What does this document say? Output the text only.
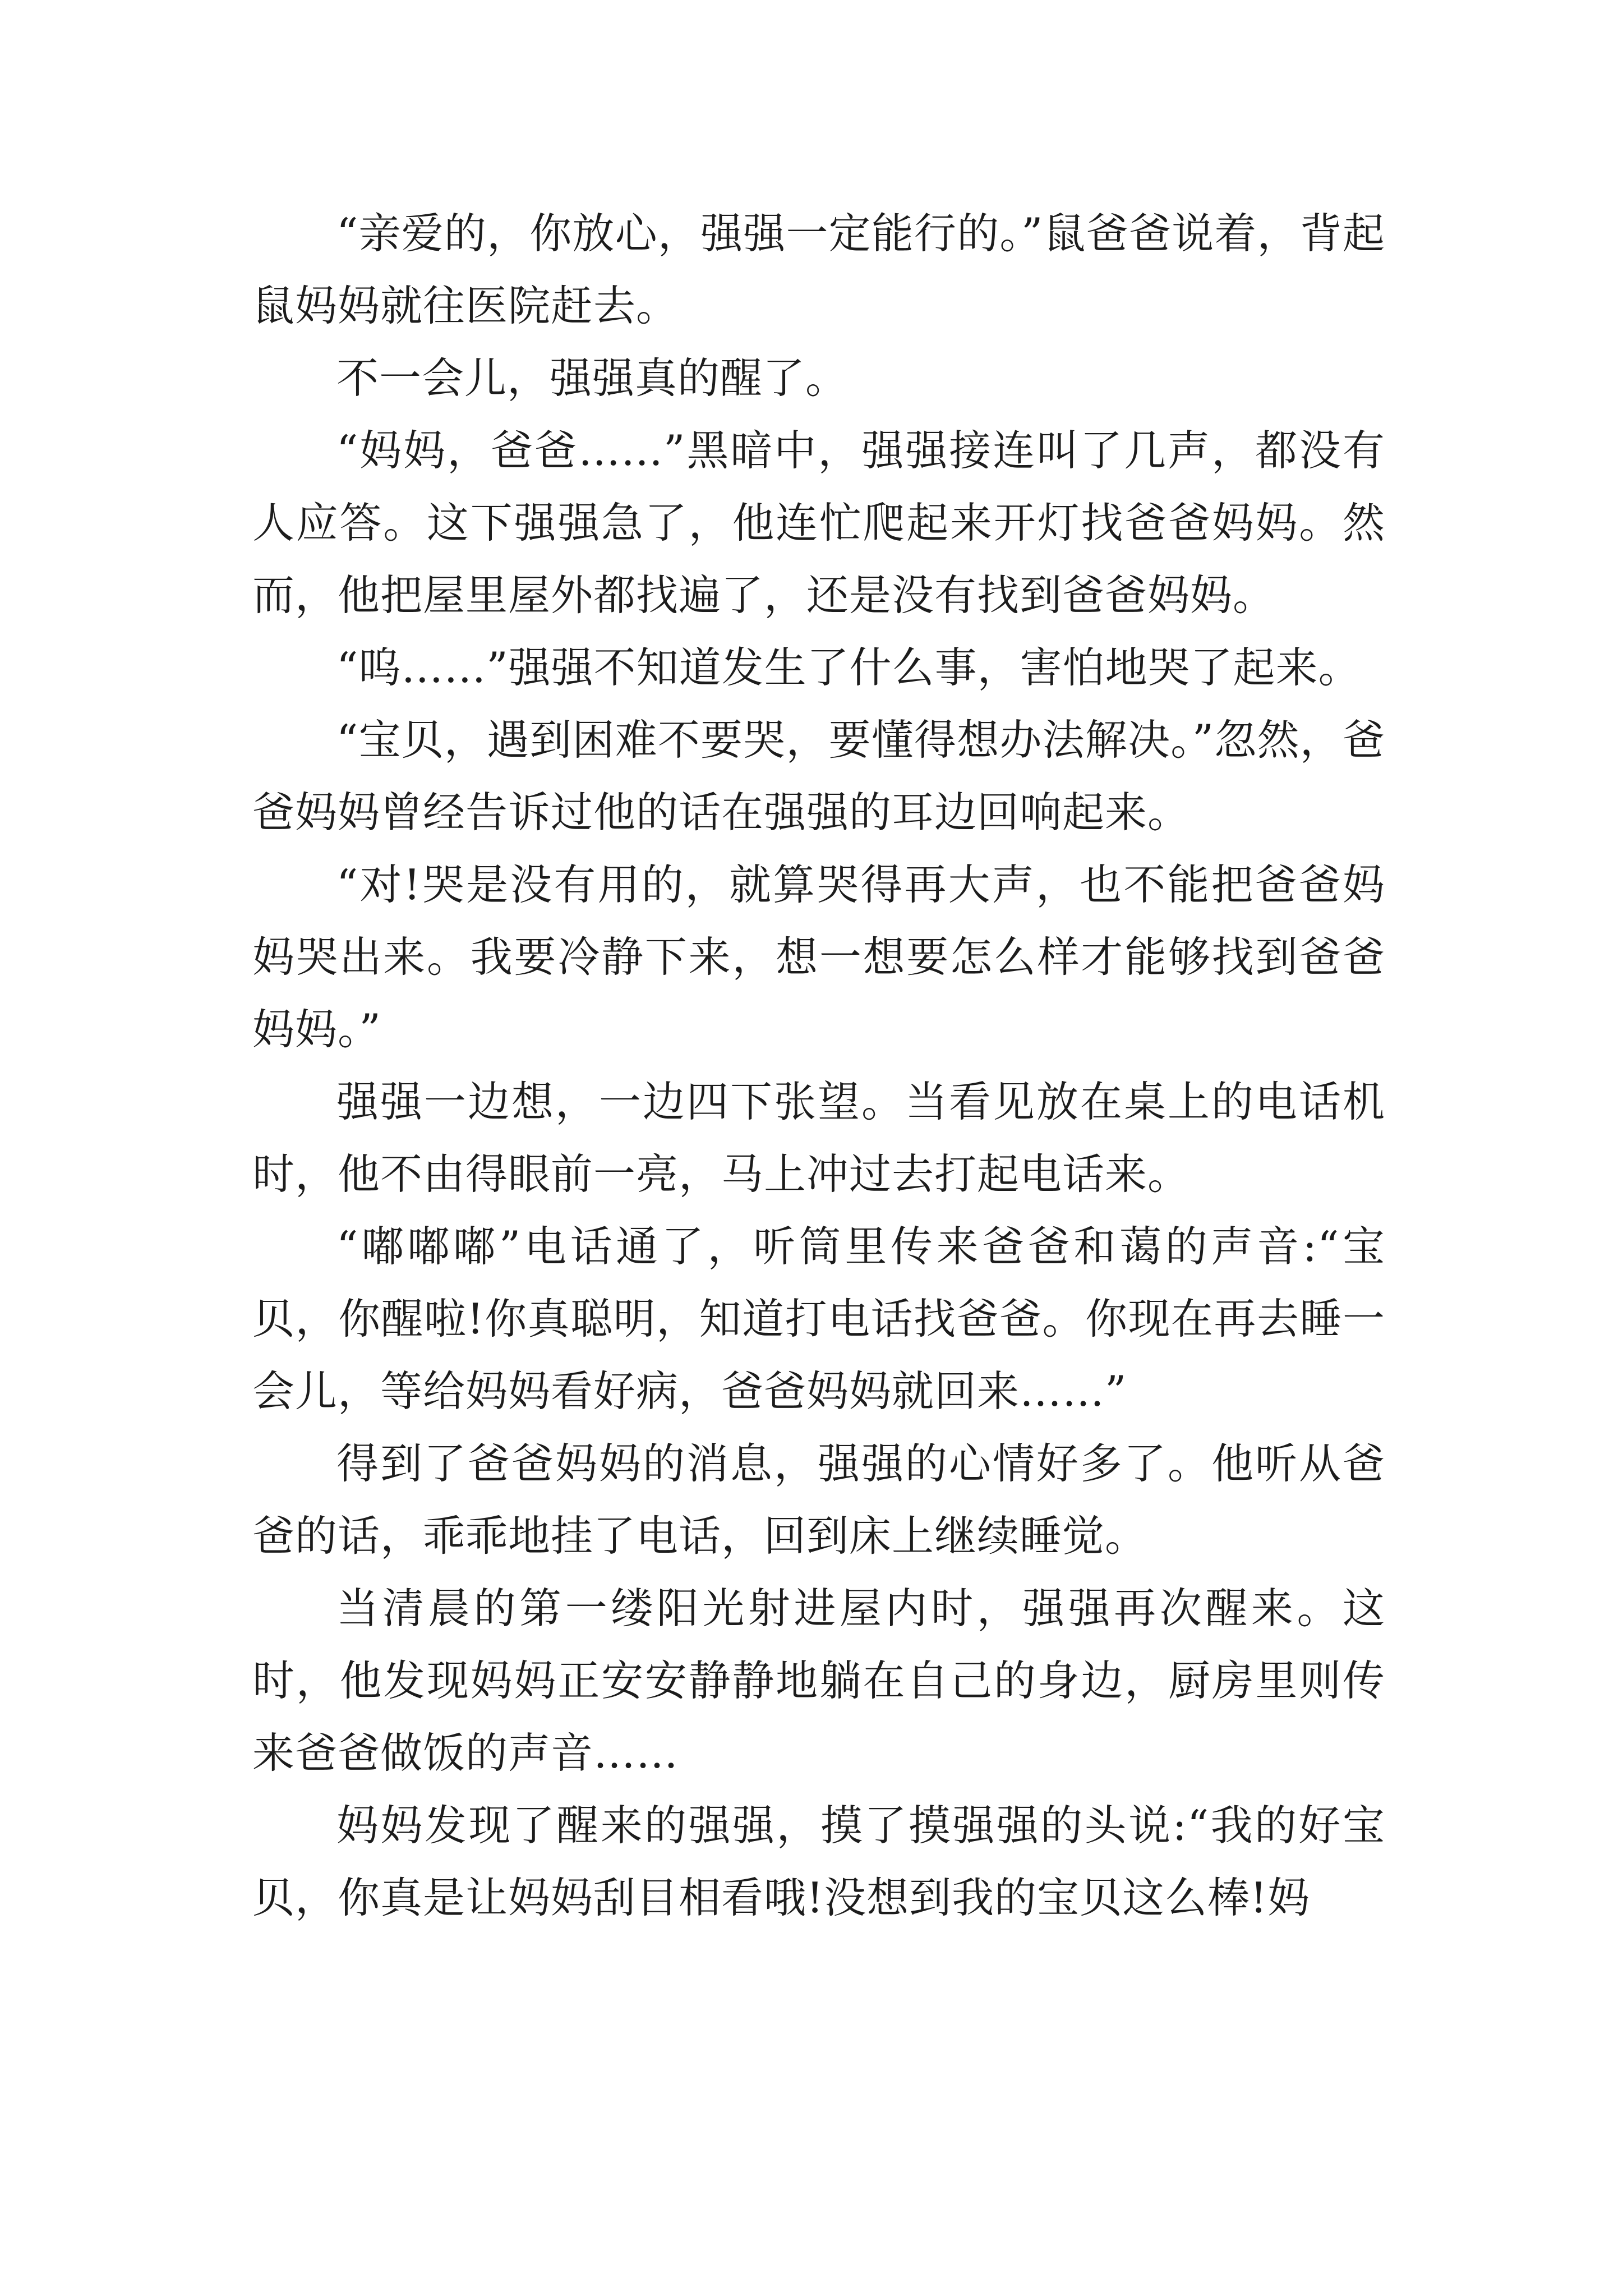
“亲爱的，你放心，强强一定能行的。”鼠爸爸说着，背起鼠妈妈就往医院赶去。

不一会儿，强强真的醒了。

“妈妈，爸爸……”黑暗中，强强接连叫了几声，都没有人应答。这下强强急了，他连忙爬起来开灯找爸爸妈妈。然而，他把屋里屋外都找遍了，还是没有找到爸爸妈妈。

“呜……”强强不知道发生了什么事，害怕地哭了起来。

“宝贝，遇到困难不要哭，要懂得想办法解决。”忽然，爸爸妈妈曾经告诉过他的话在强强的耳边回响起来。

“对!哭是没有用的，就算哭得再大声，也不能把爸爸妈妈哭出来。我要冷静下来，想一想要怎么样才能够找到爸爸妈妈。”

强强一边想，一边四下张望。当看见放在桌上的电话机时，他不由得眼前一亮，马上冲过去打起电话来。

“嘟嘟嘟”电话通了，听筒里传来爸爸和蔼的声音:“宝贝，你醒啦!你真聪明，知道打电话找爸爸。你现在再去睡一会儿，等给妈妈看好病，爸爸妈妈就回来……”

得到了爸爸妈妈的消息，强强的心情好多了。他听从爸爸的话，乖乖地挂了电话，回到床上继续睡觉。

当清晨的第一缕阳光射进屋内时，强强再次醒来。这时，他发现妈妈正安安静静地躺在自己的身边，厨房里则传来爸爸做饭的声音……

妈妈发现了醒来的强强，摸了摸强强的头说:“我的好宝贝，你真是让妈妈刮目相看哦!没想到我的宝贝这么棒!妈
